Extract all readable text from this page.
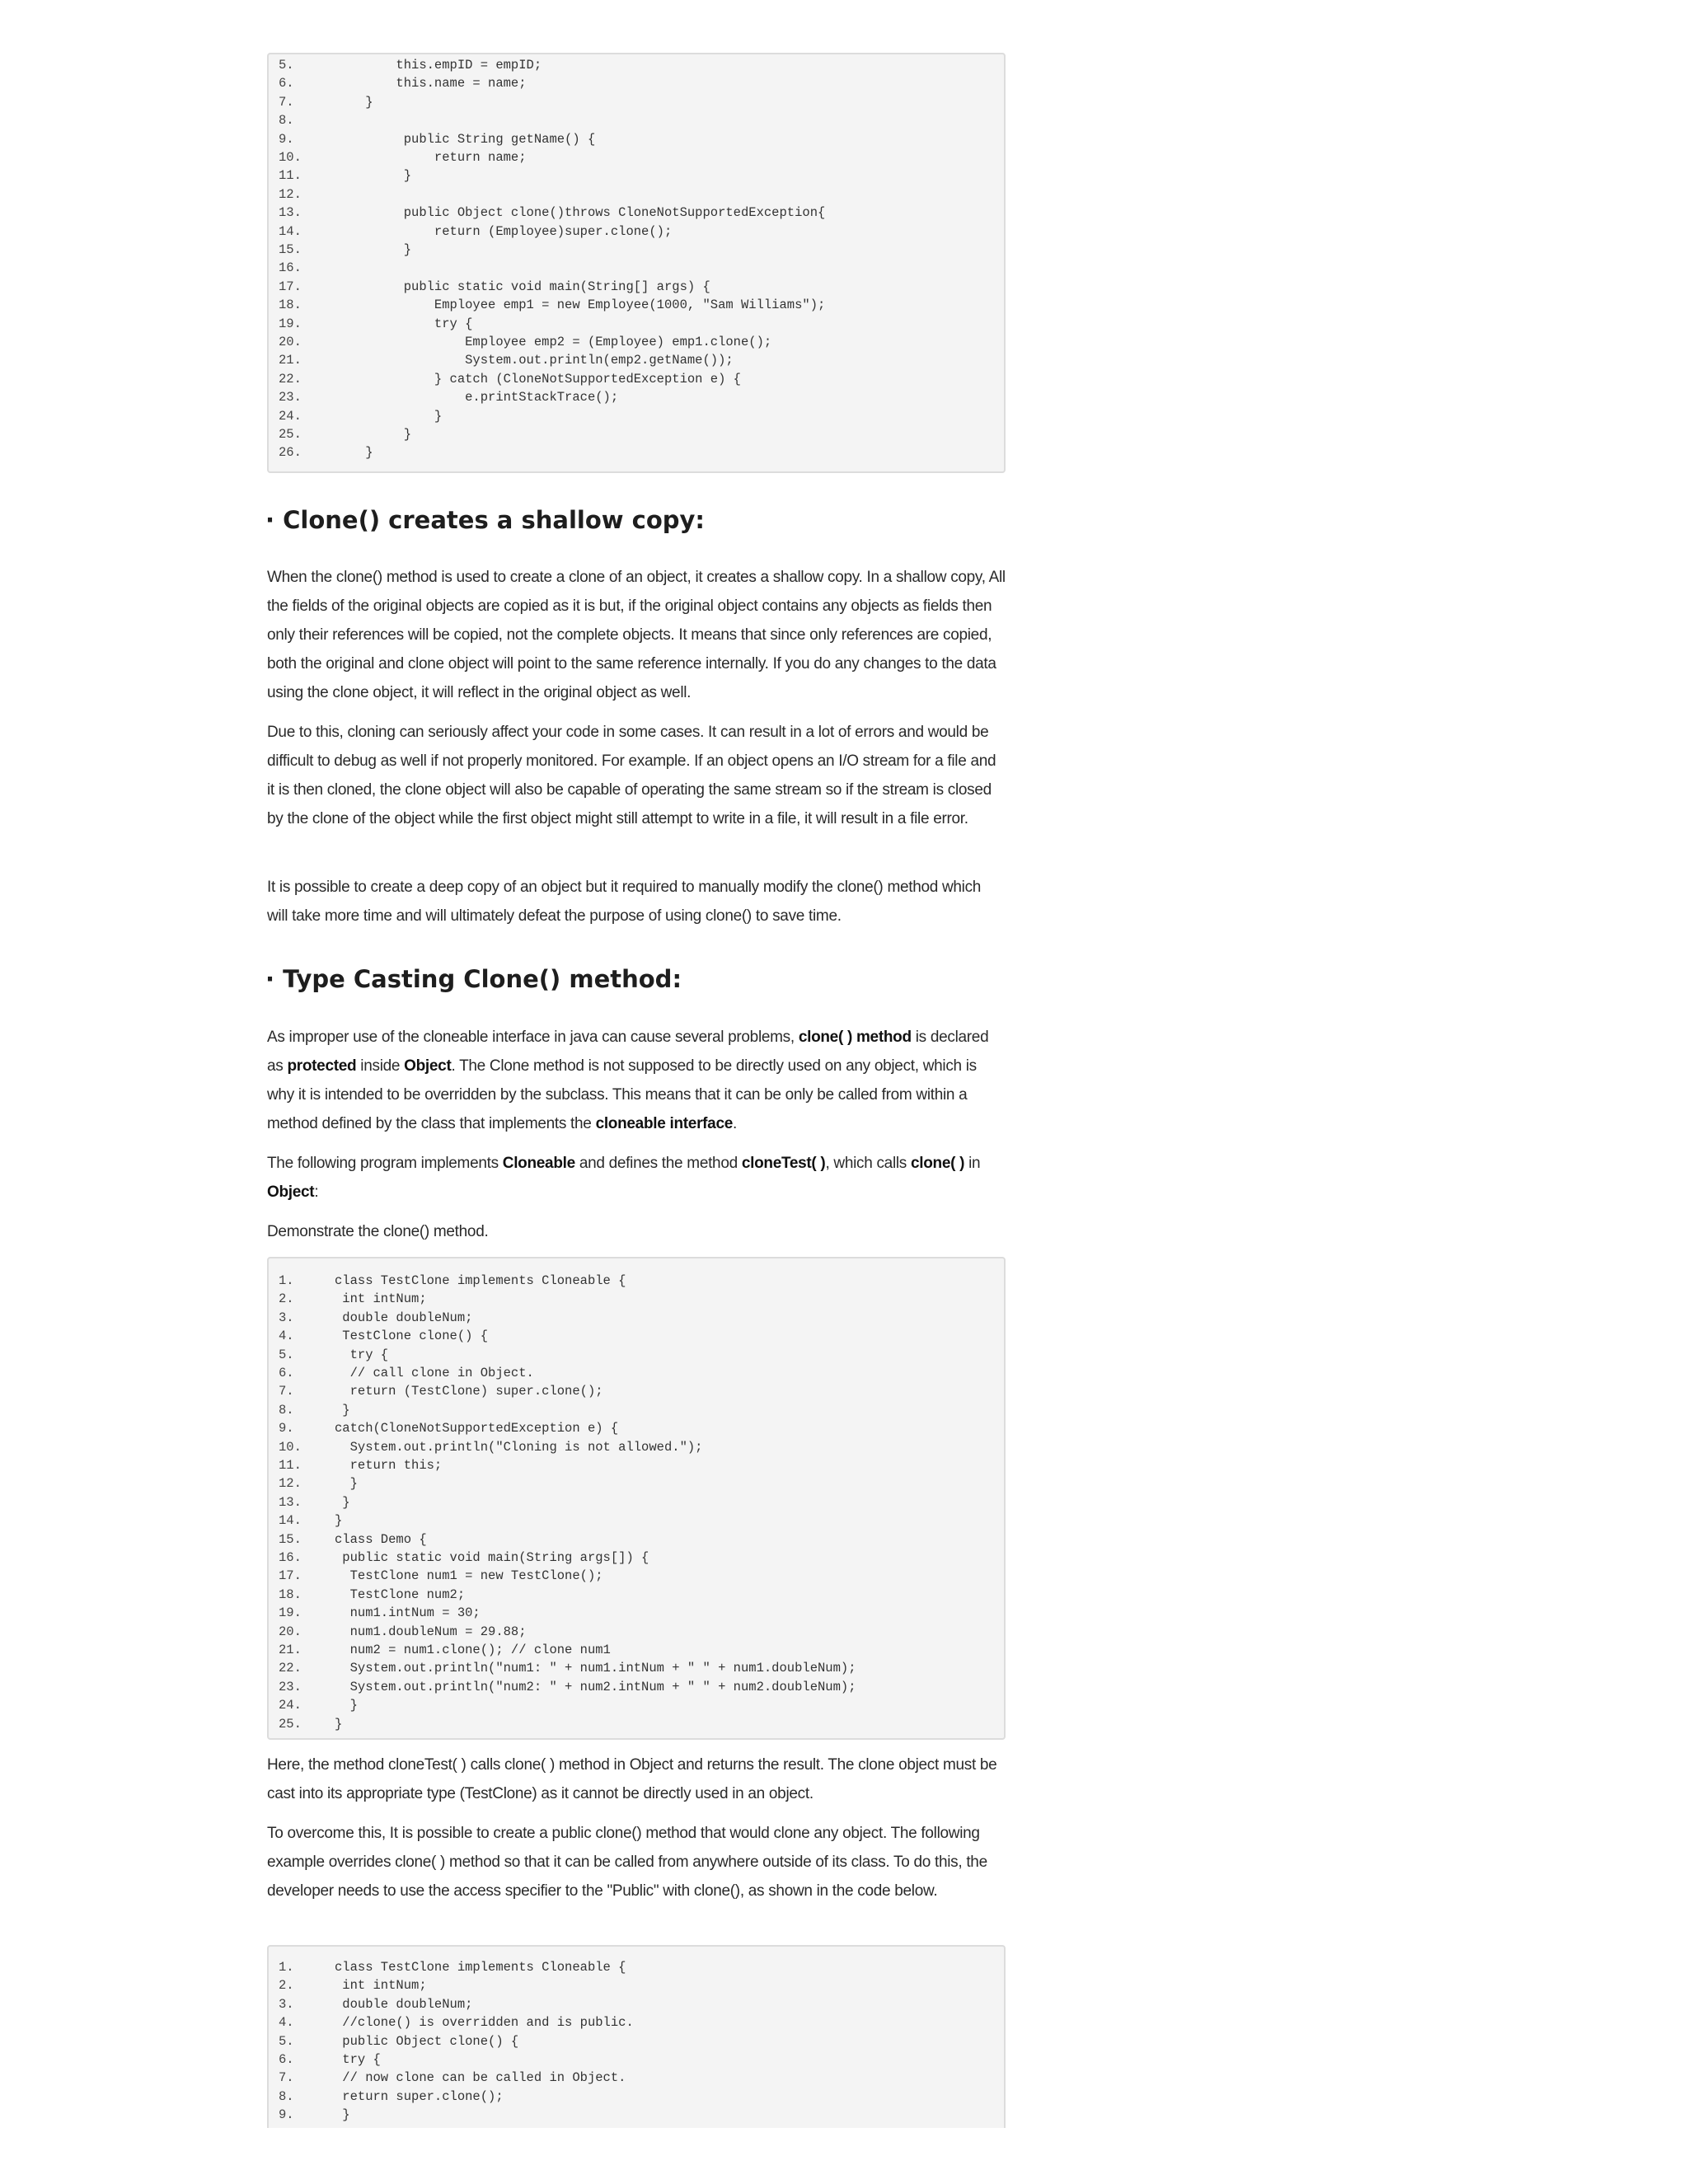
5.	this.empID = empID;
6.	this.name = name;
7.	}
8.
9.	public String getName() {
10.	return name;
11.	}
12.
13.	public Object clone()throws CloneNotSupportedException{
14.	return (Employee)super.clone();
15.	}
16.
17.	public static void main(String[] args) {
18.	Employee emp1 = new Employee(1000, "Sam Williams");
19.	try {
20.	Employee emp2 = (Employee) emp1.clone();
21.	System.out.println(emp2.getName());
22.	} catch (CloneNotSupportedException e) {
23.	e.printStackTrace();
24.	}
25.	}
26.	}
· Clone() creates a shallow copy:

When the clone() method is used to create a clone of an object, it creates a shallow copy. In a shallow copy, All the fields of the original objects are copied as it is but, if the original object contains any objects as fields then only their references will be copied, not the complete objects. It means that since only references are copied, both the original and clone object will point to the same reference internally. If you do any changes to the data using the clone object, it will reflect in the original object as well.

Due to this, cloning can seriously affect your code in some cases. It can result in a lot of errors and would be difficult to debug as well if not properly monitored. For example. If an object opens an I/O stream for a file and it is then cloned, the clone object will also be capable of operating the same stream so if the stream is closed by the clone of the object while the first object might still attempt to write in a file, it will result in a file error.

It is possible to create a deep copy of an object but it required to manually modify the clone() method which will take more time and will ultimately defeat the purpose of using clone() to save time.

· Type Casting Clone() method:

As improper use of the cloneable interface in java can cause several problems, clone( ) method is declared as protected inside Object. The Clone method is not supposed to be directly used on any object, which is why it is intended to be overridden by the subclass. This means that it can be only be called from within a method defined by the class that implements the cloneable interface.

The following program implements Cloneable and defines the method cloneTest( ), which calls clone( ) in Object:

Demonstrate the clone() method.

1.	class TestClone implements Cloneable {
2.	int intNum;
3.	double doubleNum;
4.	TestClone clone() {
5.	try {
6.	// call clone in Object.
7.	return (TestClone) super.clone();
8.	}
9.	catch(CloneNotSupportedException e) {
10.	System.out.println("Cloning is not allowed.");
11.	return this;
12.	}
13.	}
14.	}
15.	class Demo {
16.	public static void main(String args[]) {
17.	TestClone num1 = new TestClone();
18.	TestClone num2;
19.	num1.intNum = 30;
20.	num1.doubleNum = 29.88;
21.	num2 = num1.clone(); // clone num1
22.	System.out.println("num1: " + num1.intNum + " " + num1.doubleNum);
23.	System.out.println("num2: " + num2.intNum + " " + num2.doubleNum);
24.	}
25.	}

Here, the method cloneTest( ) calls clone( ) method in Object and returns the result. The clone object must be cast into its appropriate type (TestClone) as it cannot be directly used in an object.

To overcome this, It is possible to create a public clone() method that would clone any object. The following example overrides clone( ) method so that it can be called from anywhere outside of its class. To do this, the developer needs to use the access specifier to the "Public" with clone(), as shown in the code below.

1.	class TestClone implements Cloneable {
2.	int intNum;
3.	double doubleNum;
4.	//clone() is overridden and is public.
5.	public Object clone() {
6.	try {
7.	// now clone can be called in Object.
8.	return super.clone();
9.	}
